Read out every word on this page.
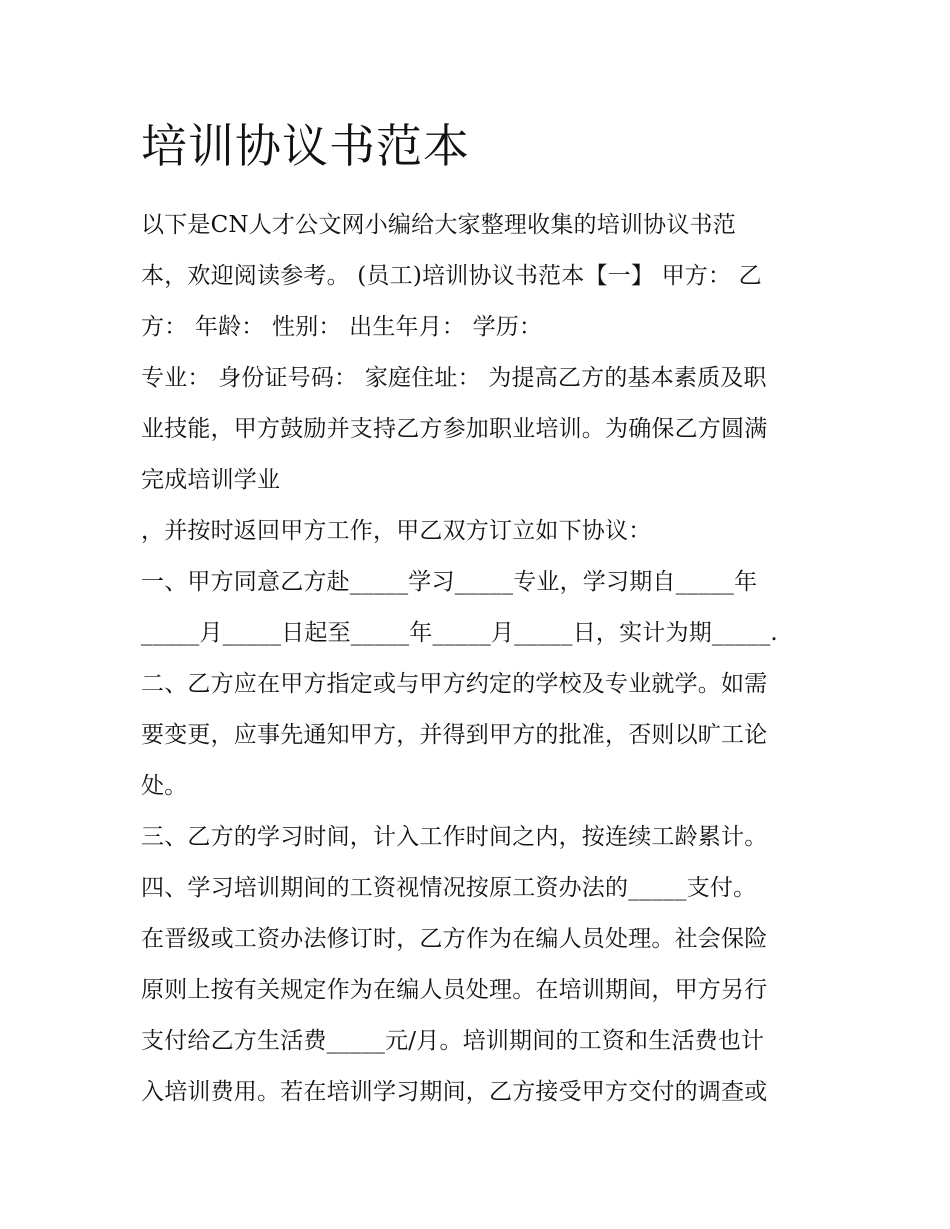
培训协议书范本
以下是CN人才公文网小编给大家整理收集的培训协议书范
本，欢迎阅读参考。 (员工)培训协议书范本【一】 甲方： 乙
方： 年龄： 性别： 出生年月： 学历：
专业： 身份证号码： 家庭住址： 为提高乙方的基本素质及职
业技能，甲方鼓励并支持乙方参加职业培训。为确保乙方圆满
完成培训学业
，并按时返回甲方工作，甲乙双方订立如下协议：
一、甲方同意乙方赴_____学习_____专业，学习期自_____年
_____月_____日起至_____年_____月_____日，实计为期_____.
二、乙方应在甲方指定或与甲方约定的学校及专业就学。如需
要变更，应事先通知甲方，并得到甲方的批准，否则以旷工论
处。
三、乙方的学习时间，计入工作时间之内，按连续工龄累计。
四、学习培训期间的工资视情况按原工资办法的_____支付。
在晋级或工资办法修订时，乙方作为在编人员处理。社会保险
原则上按有关规定作为在编人员处理。在培训期间，甲方另行
支付给乙方生活费_____元/月。培训期间的工资和生活费也计
入培训费用。若在培训学习期间，乙方接受甲方交付的调查或
